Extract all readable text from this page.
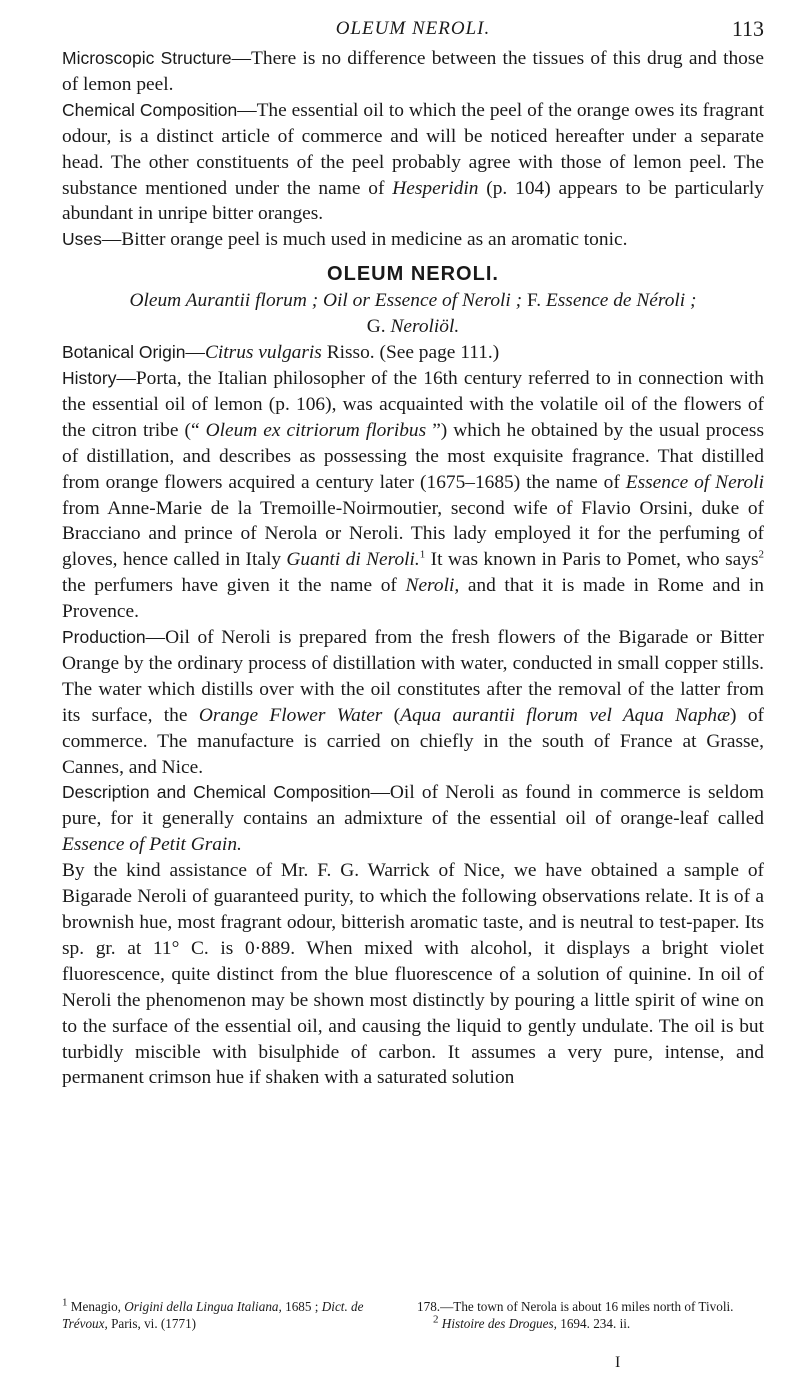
OLEUM NEROLI.	113

Microscopic Structure—There is no difference between the tissues of this drug and those of lemon peel.

Chemical Composition—The essential oil to which the peel of the orange owes its fragrant odour, is a distinct article of commerce and will be noticed hereafter under a separate head. The other constituents of the peel probably agree with those of lemon peel. The substance mentioned under the name of Hesperidin (p. 104) appears to be particularly abundant in unripe bitter oranges.

Uses—Bitter orange peel is much used in medicine as an aromatic tonic.

OLEUM NEROLI.
Oleum Aurantii florum ; Oil or Essence of Neroli ; F. Essence de Néroli ;
G. Neroliöl.

Botanical Origin—Citrus vulgaris Risso. (See page 111.)

History—Porta, the Italian philosopher of the 16th century referred to in connection with the essential oil of lemon (p. 106), was acquainted with the volatile oil of the flowers of the citron tribe (“ Oleum ex citriorum floribus ”) which he obtained by the usual process of distillation, and describes as possessing the most exquisite fragrance. That distilled from orange flowers acquired a century later (1675–1685) the name of Essence of Neroli from Anne-Marie de la Tremoille-Noirmoutier, second wife of Flavio Orsini, duke of Bracciano and prince of Nerola or Neroli. This lady employed it for the perfuming of gloves, hence called in Italy Guanti di Neroli.$^1$ It was known in Paris to Pomet, who says$^2$ the perfumers have given it the name of Neroli, and that it is made in Rome and in Provence.

Production—Oil of Neroli is prepared from the fresh flowers of the Bigarade or Bitter Orange by the ordinary process of distillation with water, conducted in small copper stills. The water which distills over with the oil constitutes after the removal of the latter from its surface, the Orange Flower Water (Aqua aurantii florum vel Aqua Naphæ) of commerce. The manufacture is carried on chiefly in the south of France at Grasse, Cannes, and Nice.

Description and Chemical Composition—Oil of Neroli as found in commerce is seldom pure, for it generally contains an admixture of the essential oil of orange-leaf called Essence of Petit Grain.

By the kind assistance of Mr. F. G. Warrick of Nice, we have obtained a sample of Bigarade Neroli of guaranteed purity, to which the following observations relate. It is of a brownish hue, most fragrant odour, bitterish aromatic taste, and is neutral to test-paper. Its sp. gr. at 11° C. is 0·889. When mixed with alcohol, it displays a bright violet fluorescence, quite distinct from the blue fluorescence of a solution of quinine. In oil of Neroli the phenomenon may be shown most distinctly by pouring a little spirit of wine on to the surface of the essential oil, and causing the liquid to gently undulate. The oil is but turbidly miscible with bisulphide of carbon. It assumes a very pure, intense, and permanent crimson hue if shaken with a saturated solution

$^1$ Menagio, Origini della Lingua Italiana, 1685 ; Dict. de Trévoux, Paris, vi. (1771)
178.—The town of Nerola is about 16 miles north of Tivoli.
$^2$ Histoire des Drogues, 1694. 234. ii.
I
